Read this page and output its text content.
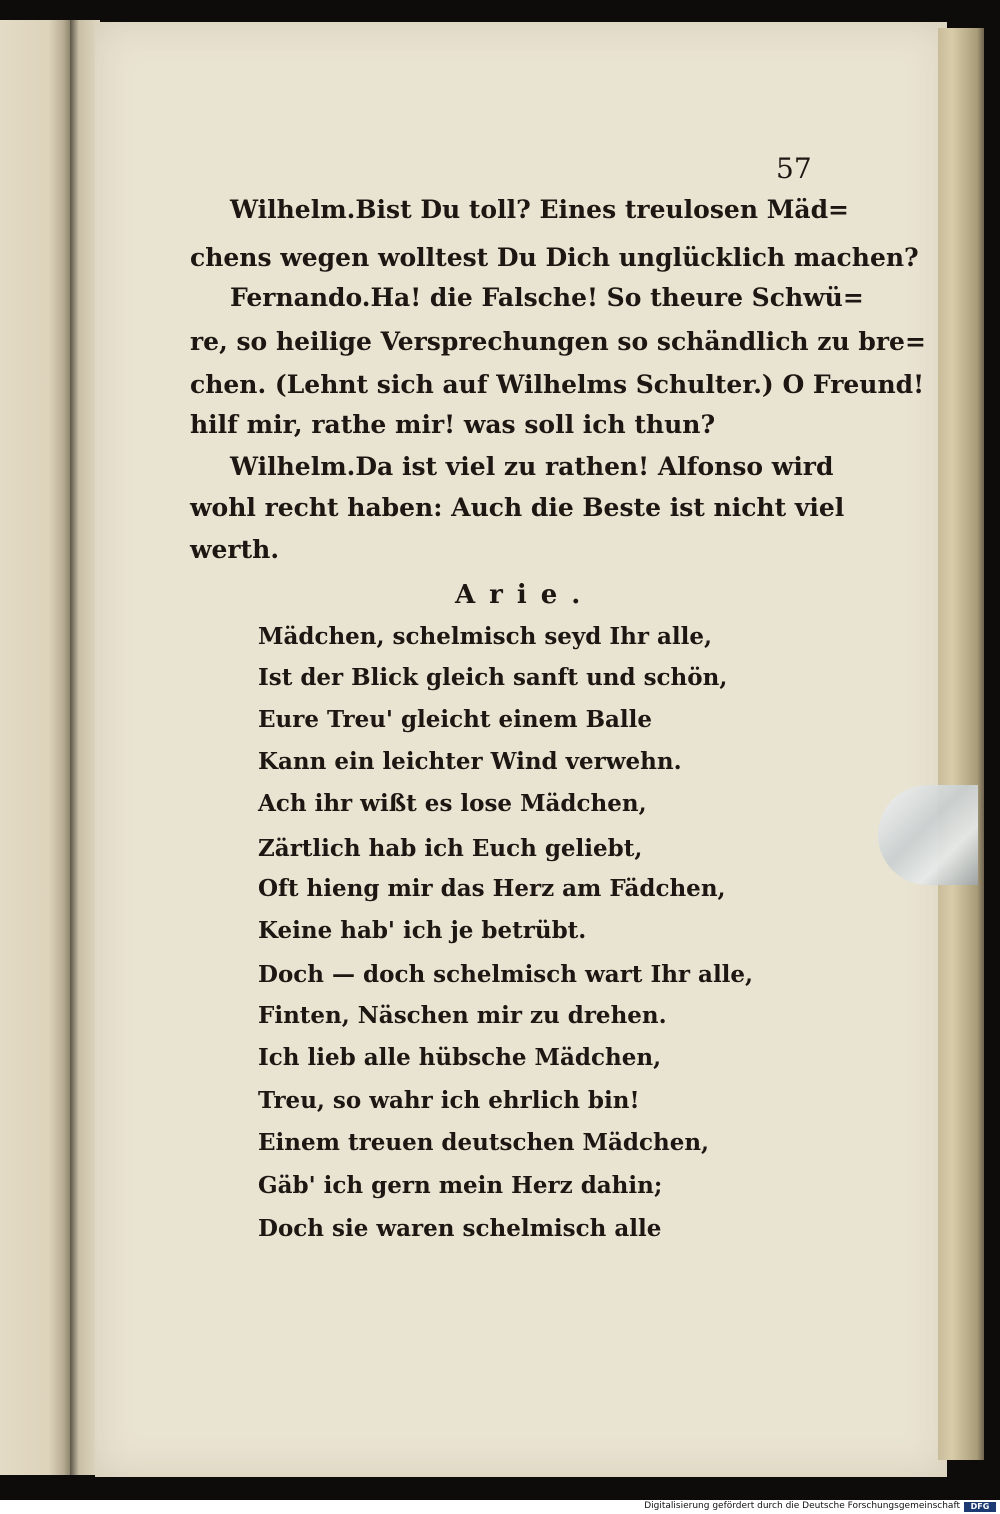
57
Wilhelm. Bist Du toll? Eines treulosen Mäd=
chens wegen wolltest Du Dich unglücklich machen?
Fernando. Ha! die Falsche! So theure Schwü=
re, so heilige Versprechungen so schändlich zu bre=
chen. (Lehnt sich auf Wilhelms Schulter.) O Freund!
hilf mir, rathe mir! was soll ich thun?
Wilhelm. Da ist viel zu rathen! Alfonso wird
wohl recht haben: Auch die Beste ist nicht viel
werth.
Arie.
Mädchen, schelmisch seyd Ihr alle,
Ist der Blick gleich sanft und schön,
Eure Treu' gleicht einem Balle
Kann ein leichter Wind verwehn.
Ach ihr wißt es lose Mädchen,
Zärtlich hab ich Euch geliebt,
Oft hieng mir das Herz am Fädchen,
Keine hab' ich je betrübt.
Doch — doch schelmisch wart Ihr alle,
Finten, Näschen mir zu drehen.
Ich lieb alle hübsche Mädchen,
Treu, so wahr ich ehrlich bin!
Einem treuen deutschen Mädchen,
Gäb' ich gern mein Herz dahin;
Doch sie waren schelmisch alle
Digitalisierung gefördert durch die Deutsche Forschungsgemeinschaft	DFG
